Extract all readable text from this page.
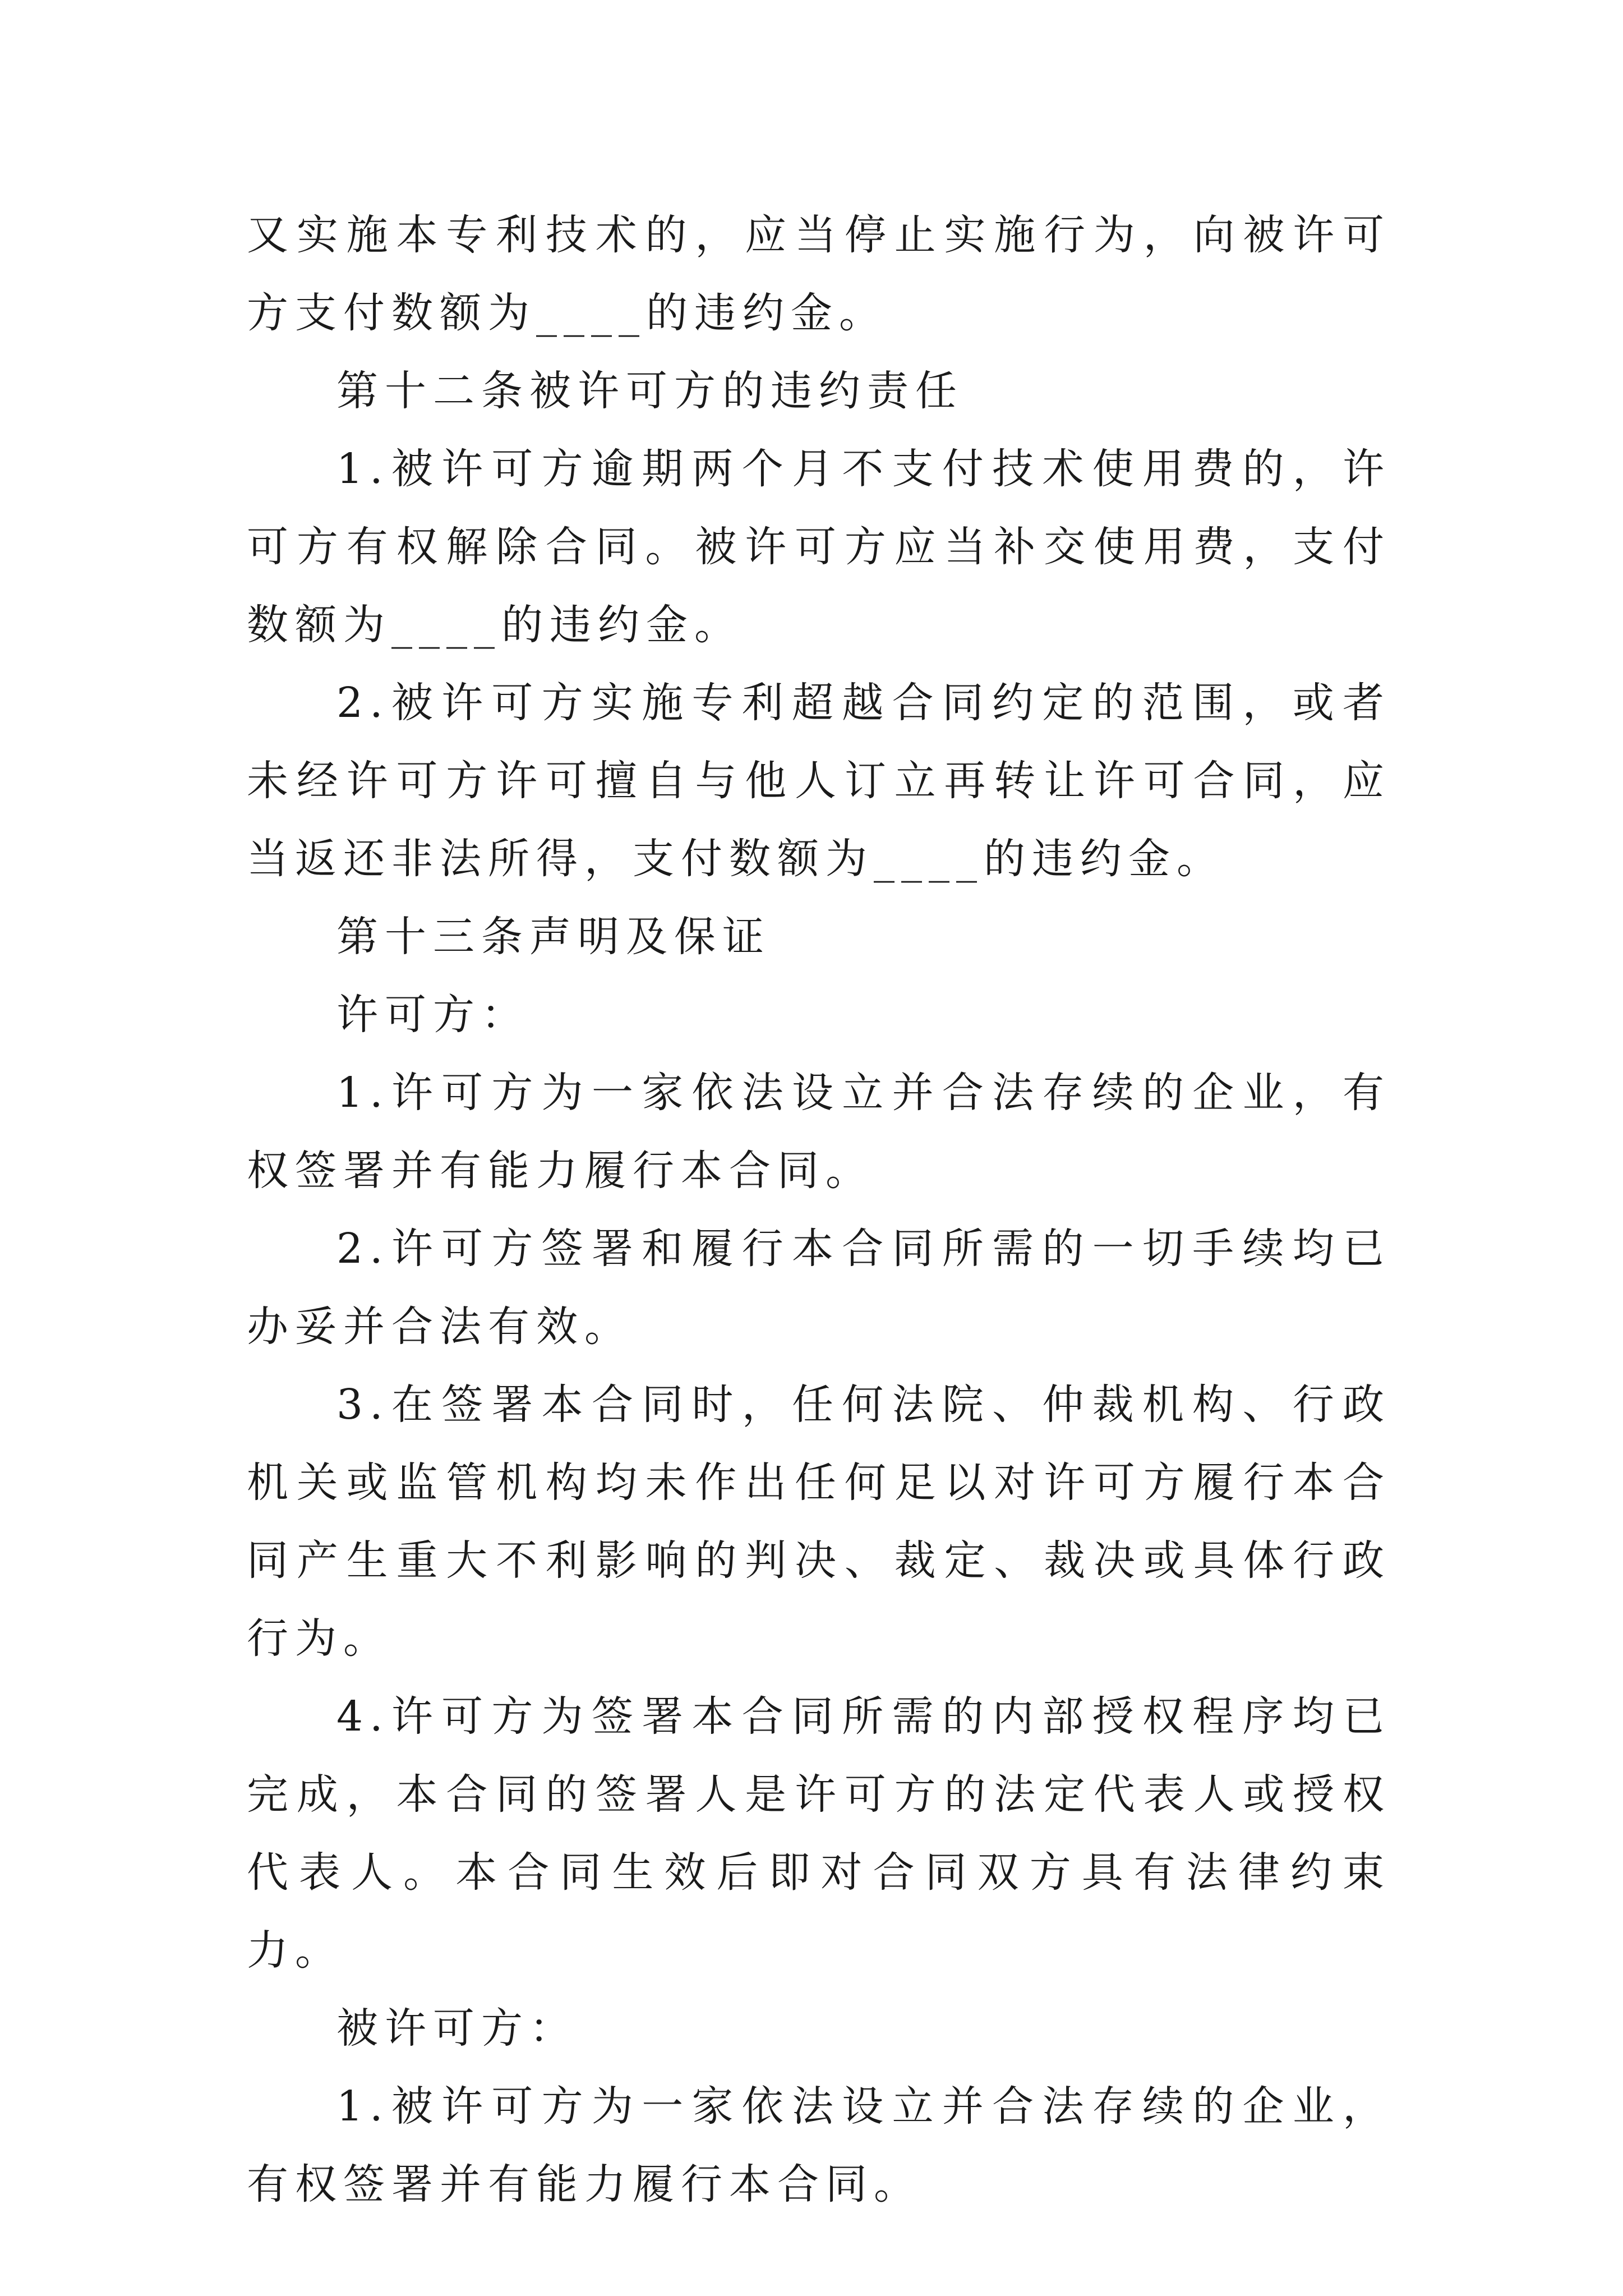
又实施本专利技术的，应当停止实施行为，向被许可方支付数额为____的违约金。

第十二条被许可方的违约责任

1.被许可方逾期两个月不支付技术使用费的，许可方有权解除合同。被许可方应当补交使用费，支付数额为____的违约金。

2.被许可方实施专利超越合同约定的范围，或者未经许可方许可擅自与他人订立再转让许可合同，应当返还非法所得，支付数额为____的违约金。

第十三条声明及保证

许可方：

1.许可方为一家依法设立并合法存续的企业，有权签署并有能力履行本合同。

2.许可方签署和履行本合同所需的一切手续均已办妥并合法有效。

3.在签署本合同时，任何法院、仲裁机构、行政机关或监管机构均未作出任何足以对许可方履行本合同产生重大不利影响的判决、裁定、裁决或具体行政行为。

4.许可方为签署本合同所需的内部授权程序均已完成，本合同的签署人是许可方的法定代表人或授权代表人。本合同生效后即对合同双方具有法律约束力。

被许可方：

1.被许可方为一家依法设立并合法存续的企业，有权签署并有能力履行本合同。
